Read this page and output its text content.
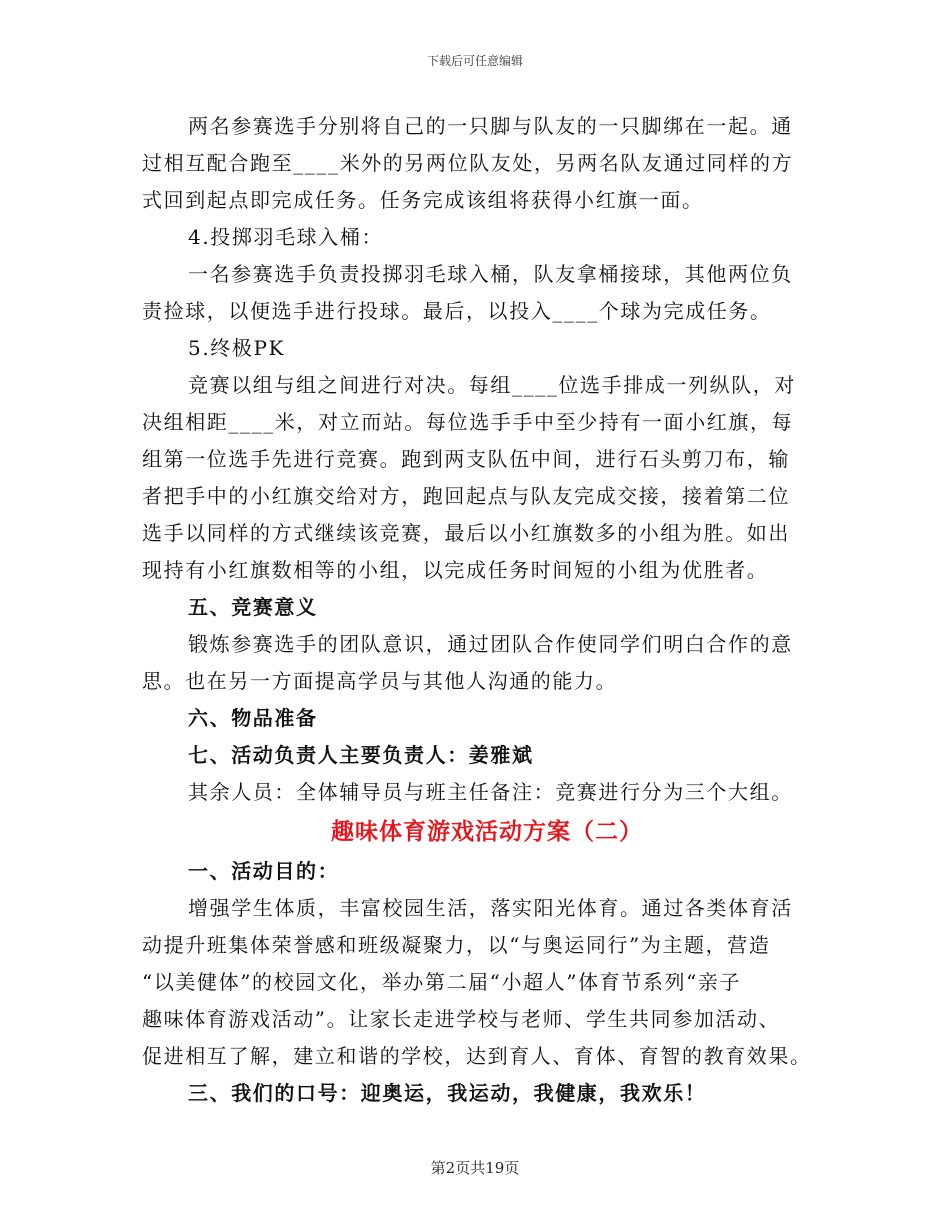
下载后可任意编辑
两名参赛选手分别将自己的一只脚与队友的一只脚绑在一起。通
过相互配合跑至____米外的另两位队友处，另两名队友通过同样的方
式回到起点即完成任务。任务完成该组将获得小红旗一面。
4.投掷羽毛球入桶：
一名参赛选手负责投掷羽毛球入桶，队友拿桶接球，其他两位负
责捡球，以便选手进行投球。最后，以投入____个球为完成任务。
5.终极PK
竞赛以组与组之间进行对决。每组____位选手排成一列纵队，对
决组相距____米，对立而站。每位选手手中至少持有一面小红旗，每
组第一位选手先进行竞赛。跑到两支队伍中间，进行石头剪刀布，输
者把手中的小红旗交给对方，跑回起点与队友完成交接，接着第二位
选手以同样的方式继续该竞赛，最后以小红旗数多的小组为胜。如出
现持有小红旗数相等的小组，以完成任务时间短的小组为优胜者。
五、竞赛意义
锻炼参赛选手的团队意识，通过团队合作使同学们明白合作的意
思。也在另一方面提高学员与其他人沟通的能力。
六、物品准备
七、活动负责人主要负责人：姜雅斌
其余人员：全体辅导员与班主任备注：竞赛进行分为三个大组。
趣味体育游戏活动方案（二）
一、活动目的：
增强学生体质，丰富校园生活，落实阳光体育。通过各类体育活
动提升班集体荣誉感和班级凝聚力，以“与奥运同行”为主题，营造
“以美健体”的校园文化，举办第二届“小超人”体育节系列“亲子
趣味体育游戏活动”。让家长走进学校与老师、学生共同参加活动、
促进相互了解，建立和谐的学校，达到育人、育体、育智的教育效果。
三、我们的口号：迎奥运，我运动，我健康，我欢乐！
第2页共19页
